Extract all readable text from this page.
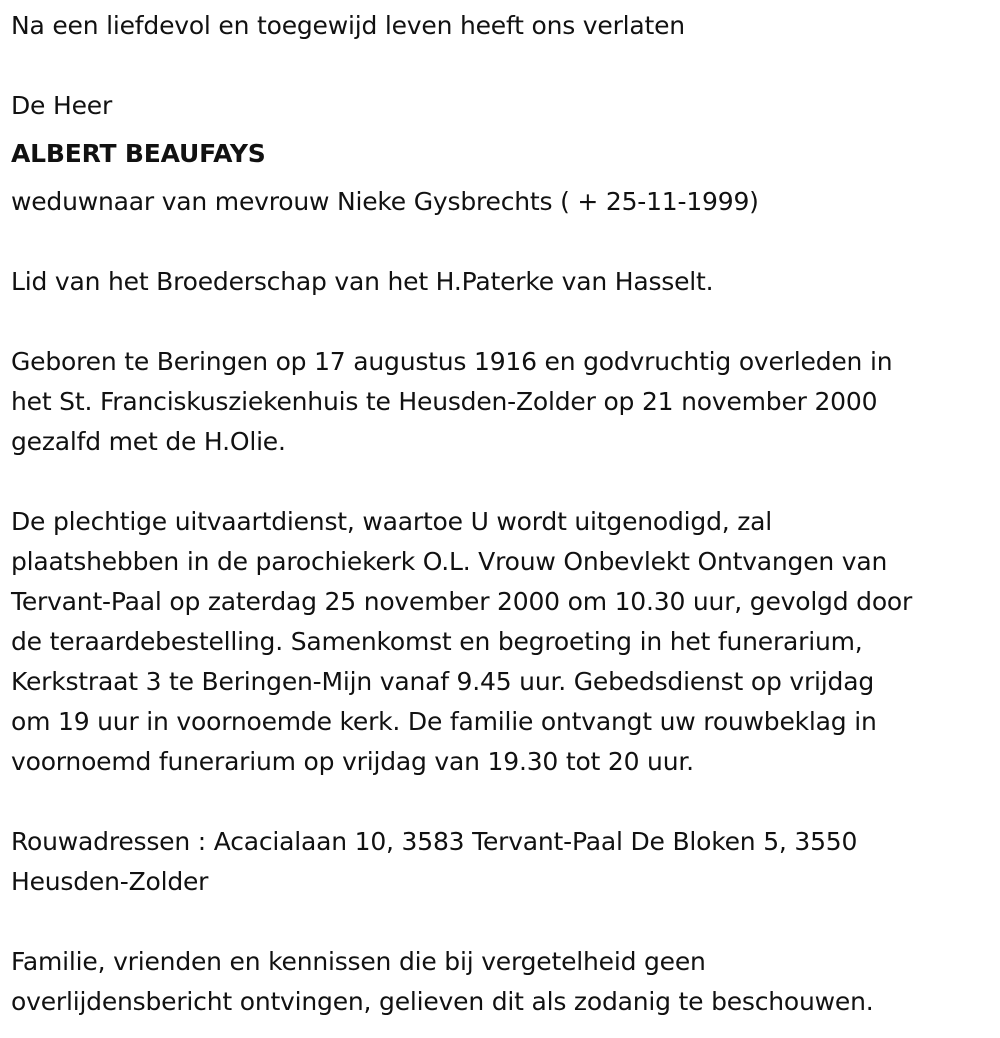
Na een liefdevol en toegewijd leven heeft ons verlaten

De Heer

ALBERT BEAUFAYS

weduwnaar van mevrouw Nieke Gysbrechts ( + 25-11-1999)

Lid van het Broederschap van het H.Paterke van Hasselt.

Geboren te Beringen op 17 augustus 1916 en godvruchtig overleden in

het St. Franciskusziekenhuis te Heusden-Zolder op 21 november 2000

gezalfd met de H.Olie.

De plechtige uitvaartdienst, waartoe U wordt uitgenodigd, zal

plaatshebben in de parochiekerk O.L. Vrouw Onbevlekt Ontvangen van

Tervant-Paal op zaterdag 25 november 2000 om 10.30 uur, gevolgd door

de teraardebestelling. Samenkomst en begroeting in het funerarium,

Kerkstraat 3 te Beringen-Mijn vanaf 9.45 uur. Gebedsdienst op vrijdag

om 19 uur in voornoemde kerk. De familie ontvangt uw rouwbeklag in

voornoemd funerarium op vrijdag van 19.30 tot 20 uur.

Rouwadressen : Acacialaan 10, 3583 Tervant-Paal De Bloken 5, 3550

Heusden-Zolder

Familie, vrienden en kennissen die bij vergetelheid geen

overlijdensbericht ontvingen, gelieven dit als zodanig te beschouwen.
